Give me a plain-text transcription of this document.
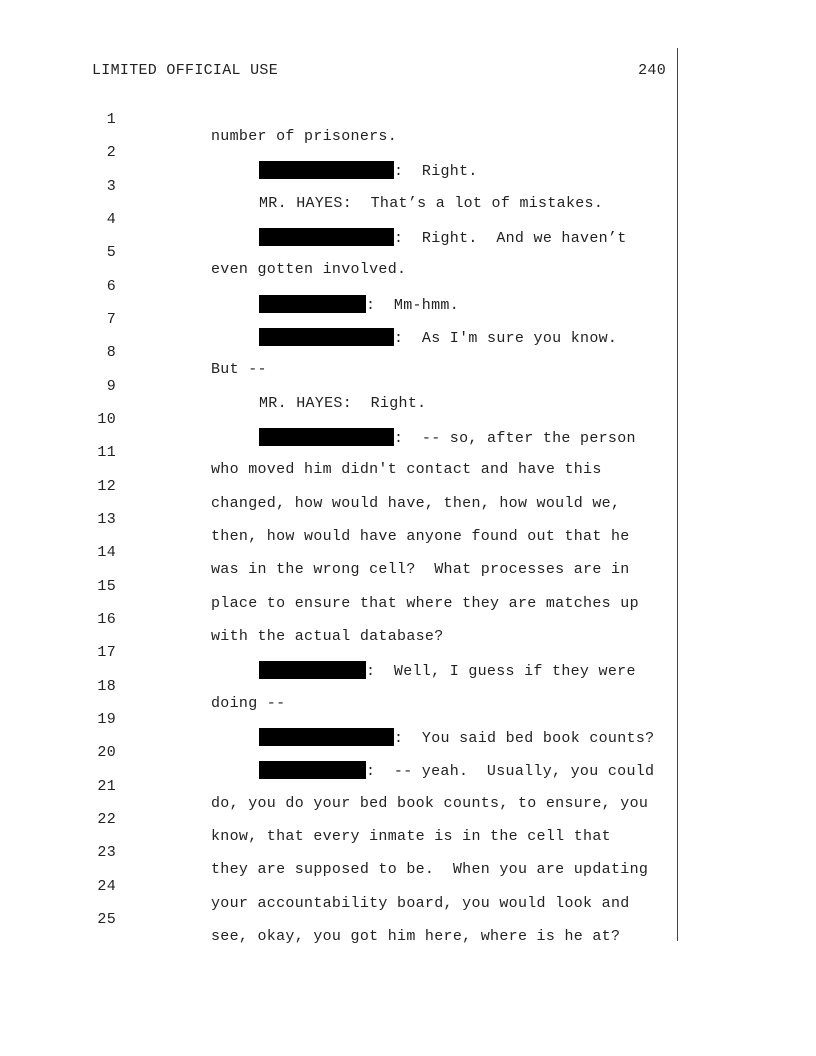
LIMITED OFFICIAL USE	240

1

number of prisoners.

2

:  Right.

3

MR. HAYES:  That’s a lot of mistakes.

4

:  Right.  And we haven’t

5

even gotten involved.

6

:  Mm-hmm.

7

:  As I'm sure you know.

8

But --

9

MR. HAYES:  Right.

10

:  -- so, after the person

11

who moved him didn't contact and have this

12

changed, how would have, then, how would we,

13

then, how would have anyone found out that he

14

was in the wrong cell?  What processes are in

15

place to ensure that where they are matches up

16

with the actual database?

17

:  Well, I guess if they were

18

doing --

19

:  You said bed book counts?

20

:  -- yeah.  Usually, you could

21

do, you do your bed book counts, to ensure, you

22

know, that every inmate is in the cell that

23

they are supposed to be.  When you are updating

24

your accountability board, you would look and

25

see, okay, you got him here, where is he at?
